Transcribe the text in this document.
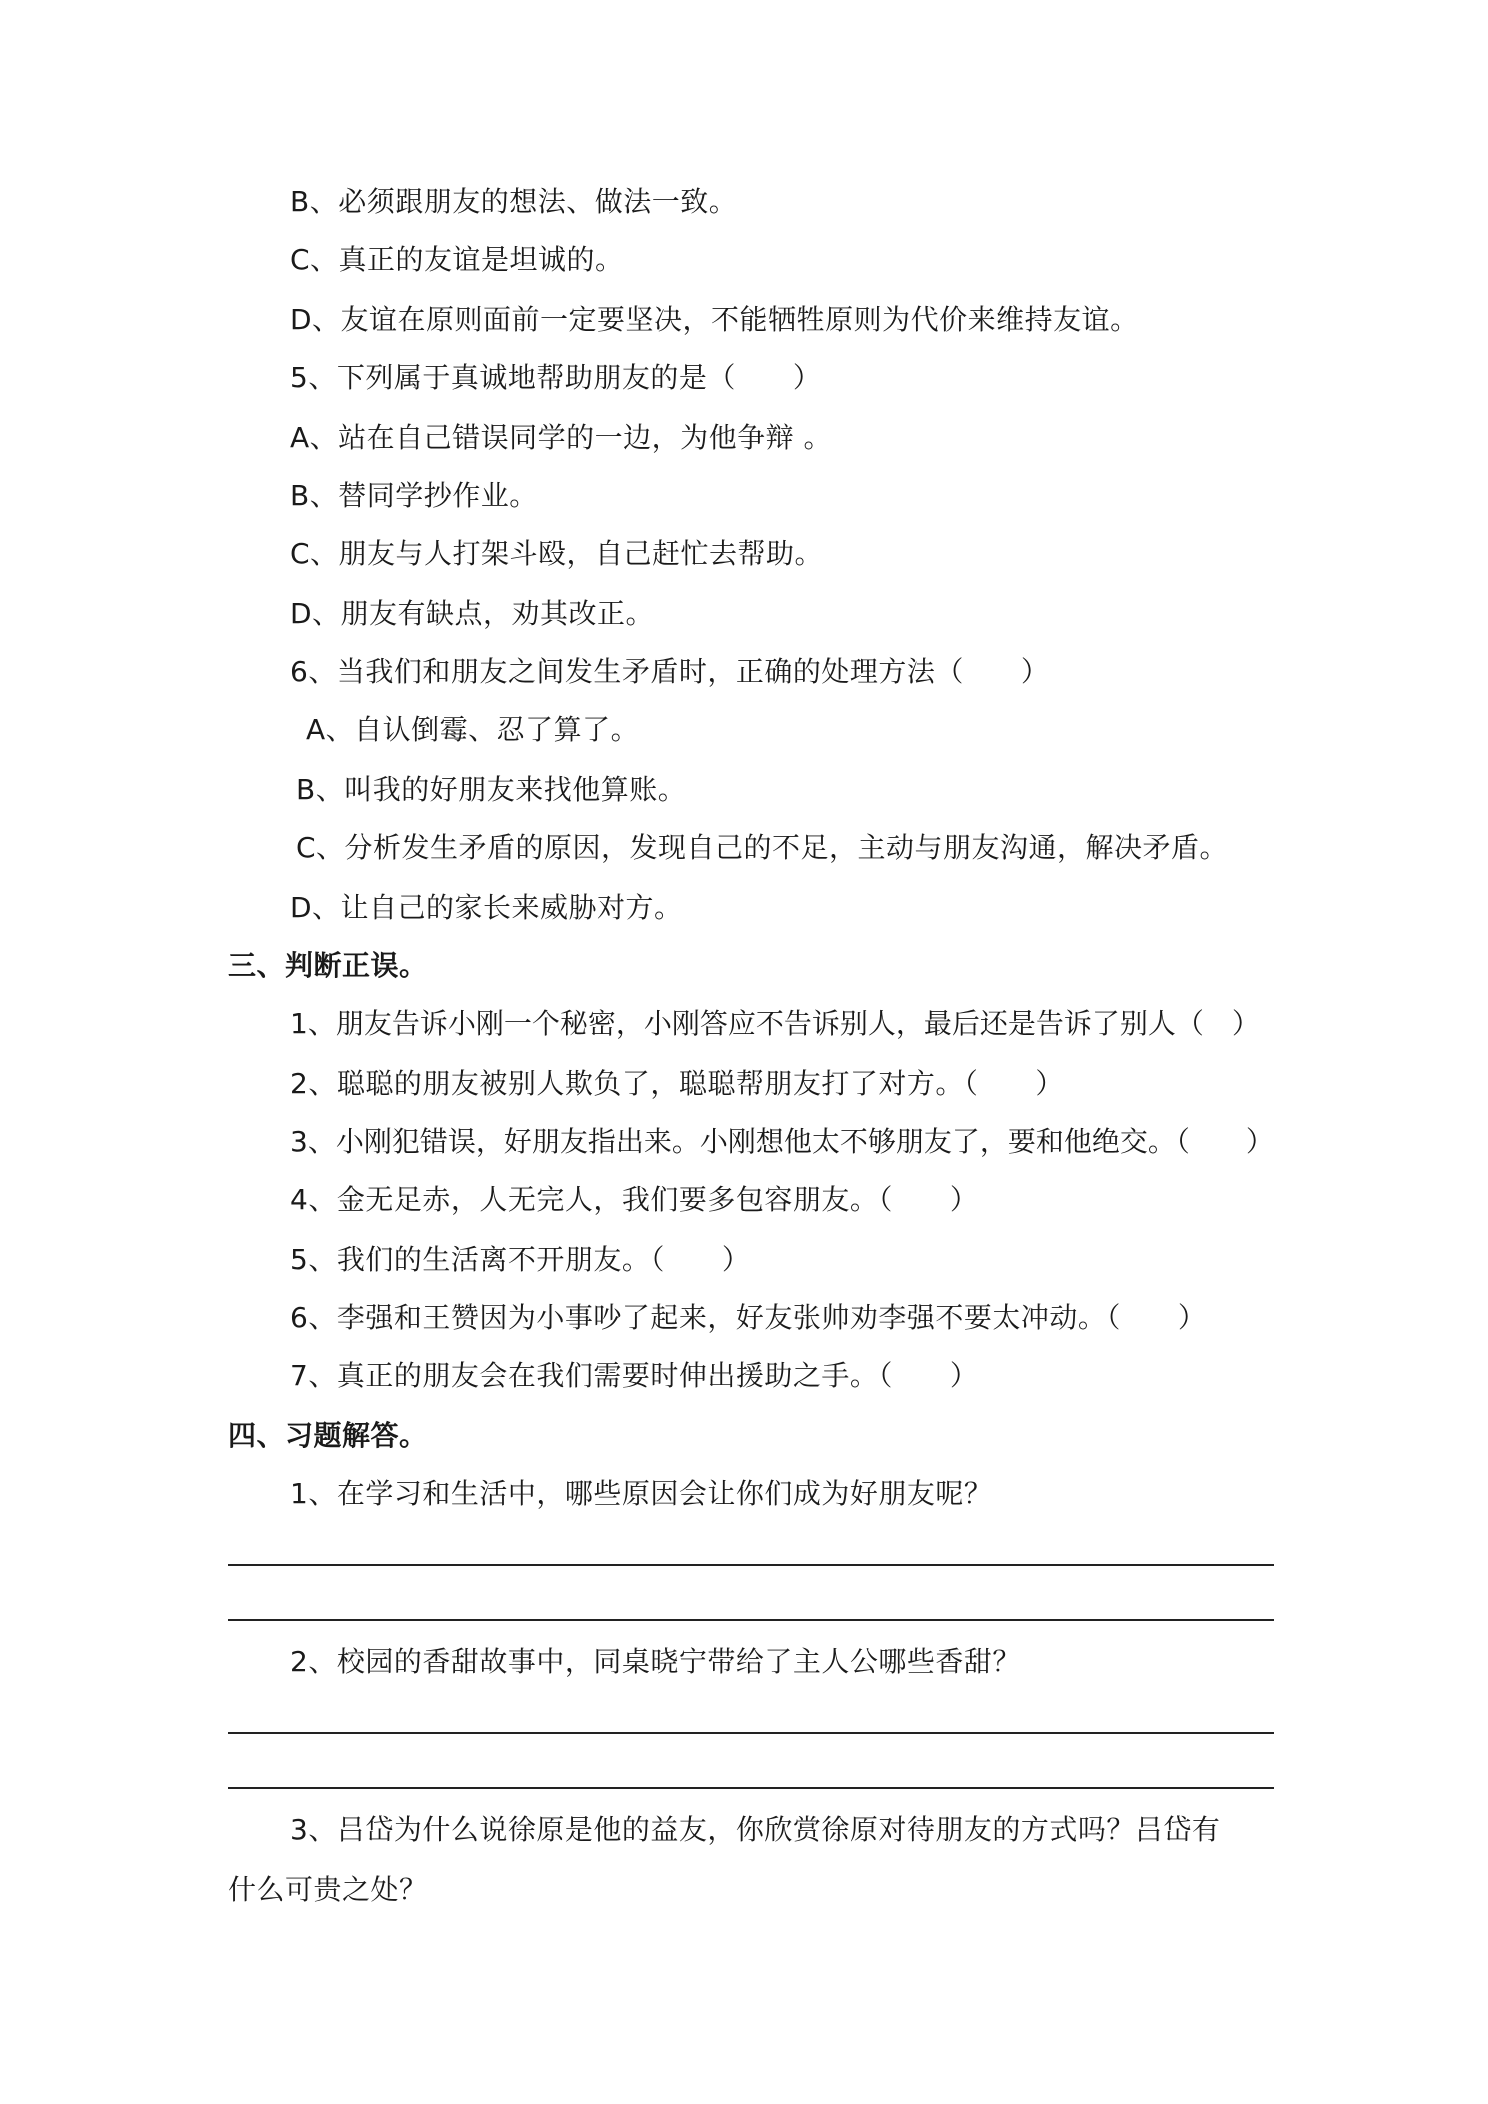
B、必须跟朋友的想法、做法一致。
C、真正的友谊是坦诚的。
D、友谊在原则面前一定要坚决，不能牺牲原则为代价来维持友谊。
5、下列属于真诚地帮助朋友的是（　　）
A、站在自己错误同学的一边，为他争辩 。
B、替同学抄作业。
C、朋友与人打架斗殴，自己赶忙去帮助。
D、朋友有缺点，劝其改正。
6、当我们和朋友之间发生矛盾时，正确的处理方法（　　）
A、自认倒霉、忍了算了。
B、叫我的好朋友来找他算账。
C、分析发生矛盾的原因，发现自己的不足，主动与朋友沟通，解决矛盾。
D、让自己的家长来威胁对方。
三、判断正误。
1、朋友告诉小刚一个秘密，小刚答应不告诉别人，最后还是告诉了别人（　）
2、聪聪的朋友被别人欺负了，聪聪帮朋友打了对方。（　　）
3、小刚犯错误，好朋友指出来。小刚想他太不够朋友了，要和他绝交。（　　）
4、金无足赤，人无完人，我们要多包容朋友。（　　）
5、我们的生活离不开朋友。（　　）
6、李强和王赞因为小事吵了起来，好友张帅劝李强不要太冲动。（　　）
7、真正的朋友会在我们需要时伸出援助之手。（　　）
四、习题解答。
1、在学习和生活中，哪些原因会让你们成为好朋友呢？
2、校园的香甜故事中，同桌晓宁带给了主人公哪些香甜？
3、吕岱为什么说徐原是他的益友，你欣赏徐原对待朋友的方式吗？吕岱有
什么可贵之处？
